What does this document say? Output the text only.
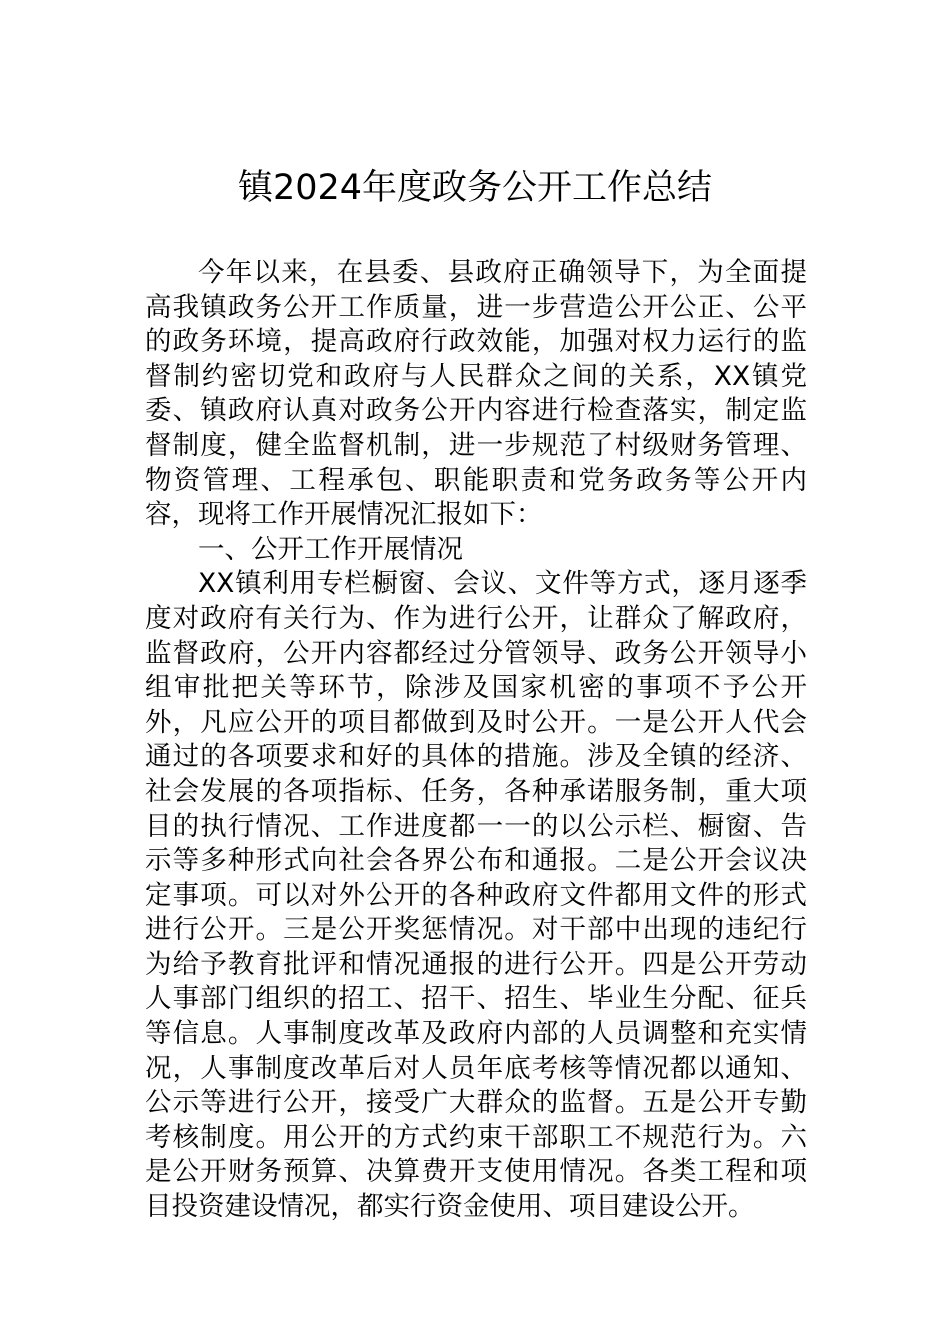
镇2024年度政务公开工作总结

今年以来，在县委、县政府正确领导下，为全面提高我镇政务公开工作质量，进一步营造公开公正、公平的政务环境，提高政府行政效能，加强对权力运行的监督制约密切党和政府与人民群众之间的关系，XX镇党委、镇政府认真对政务公开内容进行检查落实，制定监督制度，健全监督机制，进一步规范了村级财务管理、物资管理、工程承包、职能职责和党务政务等公开内容，现将工作开展情况汇报如下：

一、公开工作开展情况

XX镇利用专栏橱窗、会议、文件等方式，逐月逐季度对政府有关行为、作为进行公开，让群众了解政府，监督政府，公开内容都经过分管领导、政务公开领导小组审批把关等环节，除涉及国家机密的事项不予公开外，凡应公开的项目都做到及时公开。一是公开人代会通过的各项要求和好的具体的措施。涉及全镇的经济、社会发展的各项指标、任务，各种承诺服务制，重大项目的执行情况、工作进度都一一的以公示栏、橱窗、告示等多种形式向社会各界公布和通报。二是公开会议决定事项。可以对外公开的各种政府文件都用文件的形式进行公开。三是公开奖惩情况。对干部中出现的违纪行为给予教育批评和情况通报的进行公开。四是公开劳动人事部门组织的招工、招干、招生、毕业生分配、征兵等信息。人事制度改革及政府内部的人员调整和充实情况，人事制度改革后对人员年底考核等情况都以通知、公示等进行公开，接受广大群众的监督。五是公开专勤考核制度。用公开的方式约束干部职工不规范行为。六是公开财务预算、决算费开支使用情况。各类工程和项目投资建设情况，都实行资金使用、项目建设公开。
